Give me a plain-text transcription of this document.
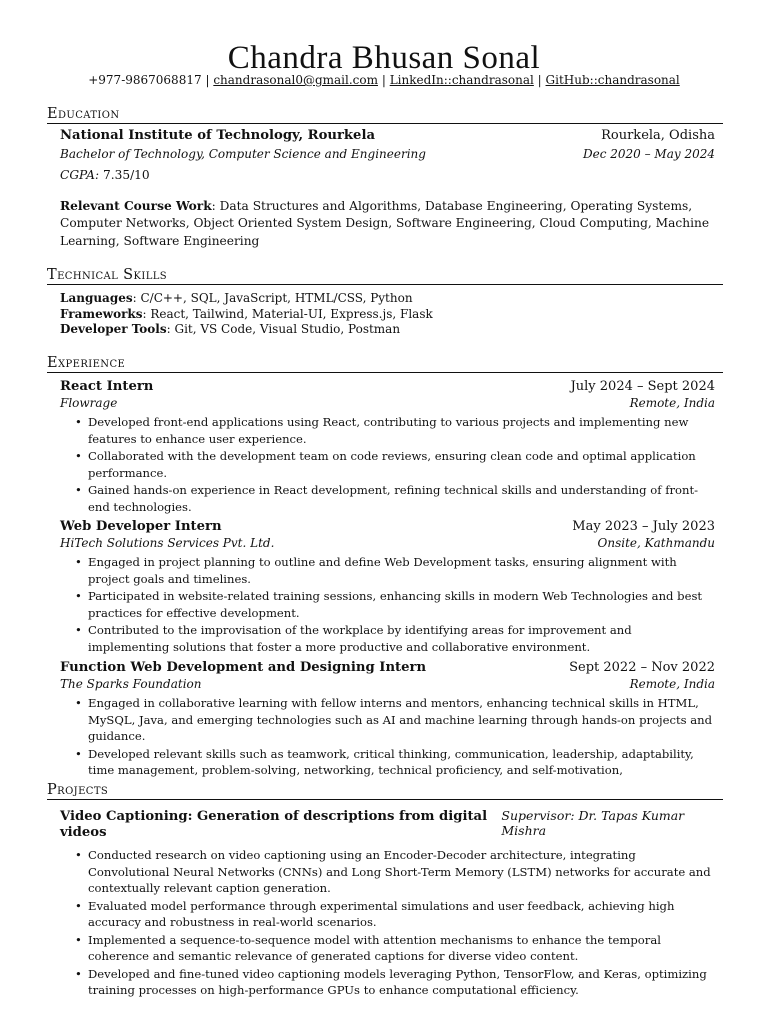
Chandra Bhusan Sonal
+977-9867068817 | chandrasonal0@gmail.com | LinkedIn::chandrasonal | GitHub::chandrasonal
Education
National Institute of Technology, Rourkela	Rourkela, Odisha
Bachelor of Technology, Computer Science and Engineering	Dec 2020 – May 2024
CGPA: 7.35/10
Relevant Course Work: Data Structures and Algorithms, Database Engineering, Operating Systems, Computer Networks, Object Oriented System Design, Software Engineering, Cloud Computing, Machine Learning, Software Engineering
Technical Skills
Languages: C/C++, SQL, JavaScript, HTML/CSS, Python
Frameworks: React, Tailwind, Material-UI, Express.js, Flask
Developer Tools: Git, VS Code, Visual Studio, Postman
Experience
React Intern	July 2024 – Sept 2024
Flowrage	Remote, India
• Developed front-end applications using React, contributing to various projects and implementing new features to enhance user experience.
• Collaborated with the development team on code reviews, ensuring clean code and optimal application performance.
• Gained hands-on experience in React development, refining technical skills and understanding of front-end technologies.
Web Developer Intern	May 2023 – July 2023
HiTech Solutions Services Pvt. Ltd.	Onsite, Kathmandu
• Engaged in project planning to outline and define Web Development tasks, ensuring alignment with project goals and timelines.
• Participated in website-related training sessions, enhancing skills in modern Web Technologies and best practices for effective development.
• Contributed to the improvisation of the workplace by identifying areas for improvement and implementing solutions that foster a more productive and collaborative environment.
Function Web Development and Designing Intern	Sept 2022 – Nov 2022
The Sparks Foundation	Remote, India
• Engaged in collaborative learning with fellow interns and mentors, enhancing technical skills in HTML, MySQL, Java, and emerging technologies such as AI and machine learning through hands-on projects and guidance.
• Developed relevant skills such as teamwork, critical thinking, communication, leadership, adaptability, time management, problem-solving, networking, technical proficiency, and self-motivation,
Projects
Video Captioning: Generation of descriptions from digital videos
Supervisor: Dr. Tapas Kumar Mishra
• Conducted research on video captioning using an Encoder-Decoder architecture, integrating Convolutional Neural Networks (CNNs) and Long Short-Term Memory (LSTM) networks for accurate and contextually relevant caption generation.
• Evaluated model performance through experimental simulations and user feedback, achieving high accuracy and robustness in real-world scenarios.
• Implemented a sequence-to-sequence model with attention mechanisms to enhance the temporal coherence and semantic relevance of generated captions for diverse video content.
• Developed and fine-tuned video captioning models leveraging Python, TensorFlow, and Keras, optimizing training processes on high-performance GPUs to enhance computational efficiency.
